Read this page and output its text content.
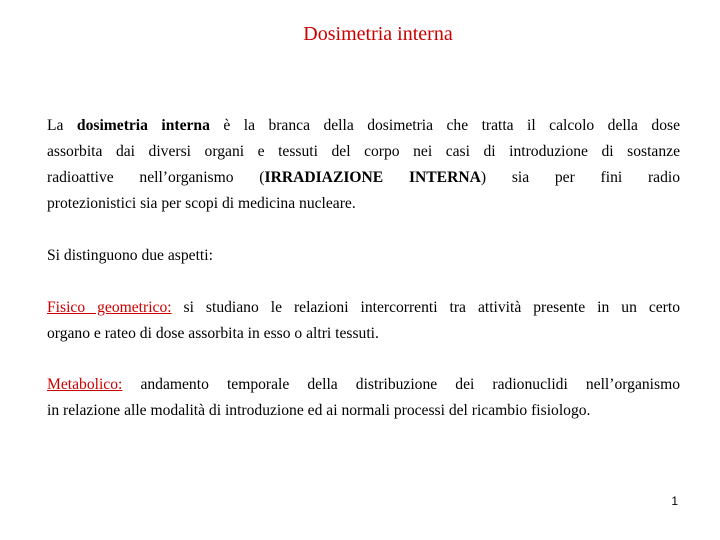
Dosimetria interna
La dosimetria interna è la branca della dosimetria che tratta il calcolo della dose
assorbita dai diversi organi e tessuti del corpo nei casi di introduzione di sostanze
radioattive nell’organismo (IRRADIAZIONE INTERNA) sia per fini radio
protezionistici sia per scopi di medicina nucleare.
Si distinguono due aspetti:
Fisico geometrico: si studiano le relazioni intercorrenti tra attività presente in un certo
organo e rateo di dose assorbita in esso o altri tessuti.
Metabolico: andamento temporale della distribuzione dei radionuclidi nell’organismo
in relazione alle modalità di introduzione ed ai normali processi del ricambio fisiologo.
1
